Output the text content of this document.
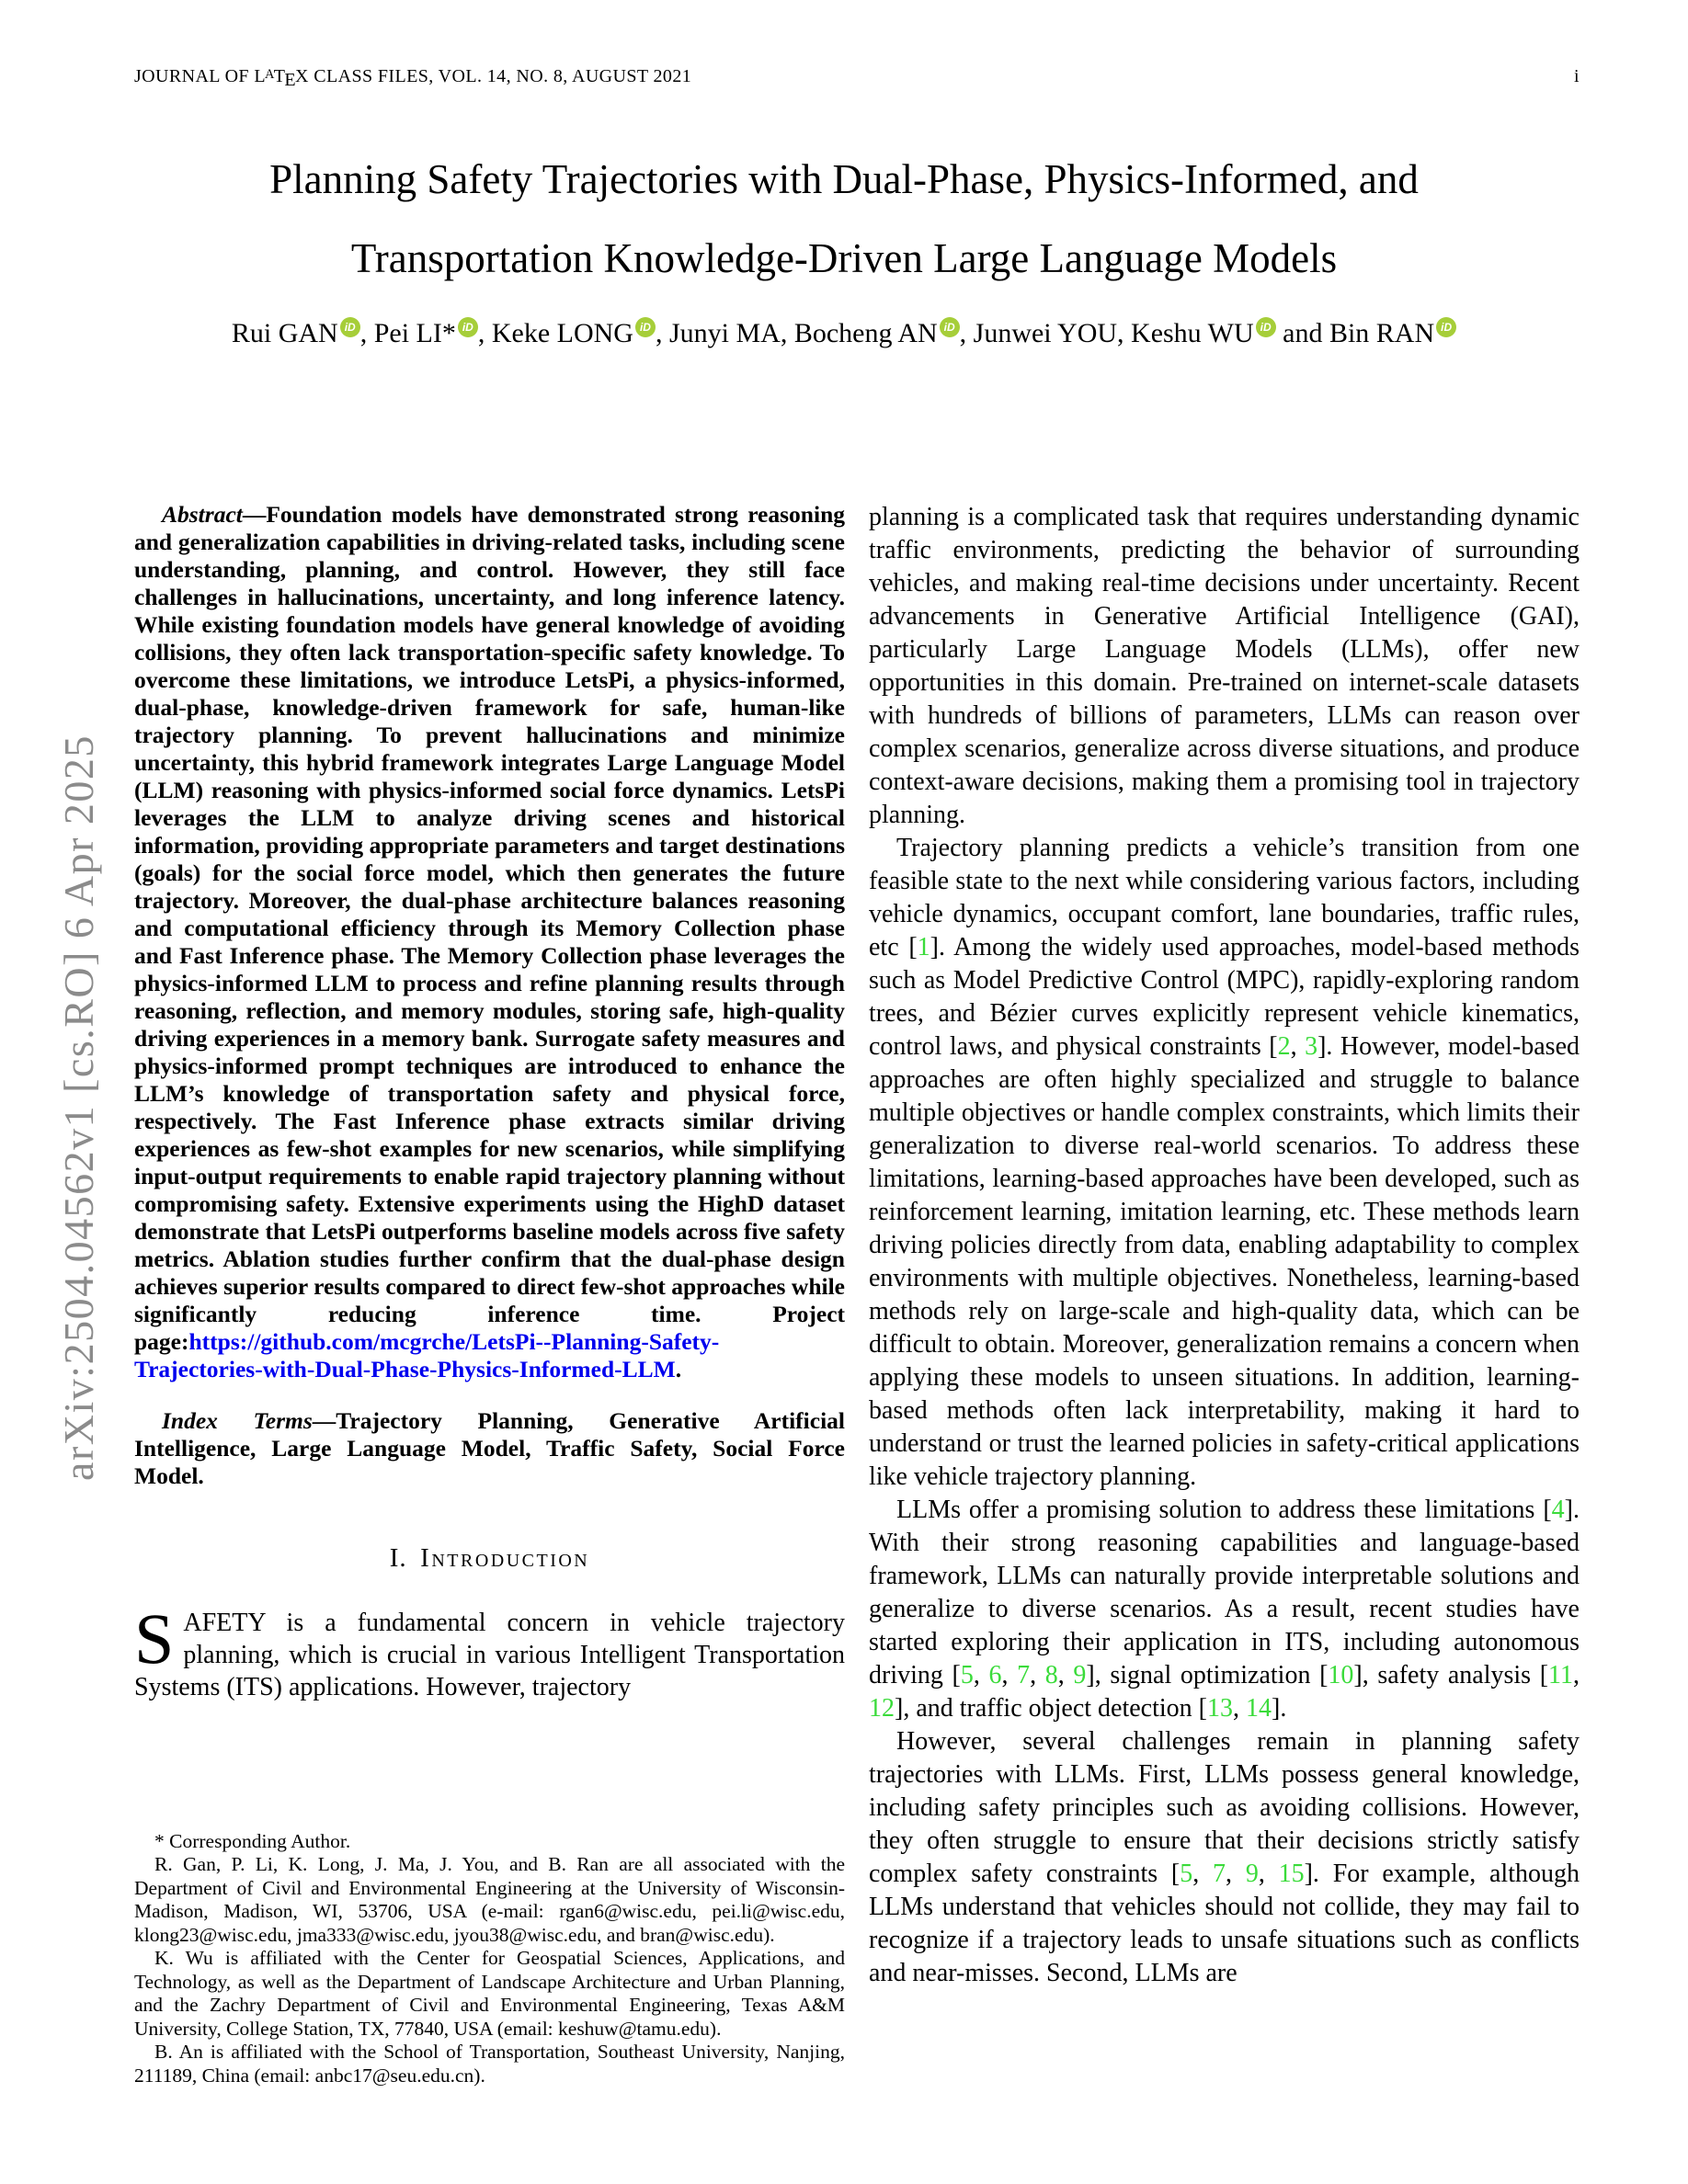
JOURNAL OF $L^ATEX$ CLASS FILES, VOL. 14, NO. 8, AUGUST 2021	i
arXiv:2504.04562v1 [cs.RO] 6 Apr 2025
Planning Safety Trajectories with Dual-Phase, Physics-Informed, and
Transportation Knowledge-Driven Large Language Models
Rui GAN iD , Pei LI* iD , Keke LONG iD , Junyi MA, Bocheng AN iD , Junwei YOU, Keshu WU iD and Bin RAN iD

Abstract—Foundation models have demonstrated strong reasoning and generalization capabilities in driving-related tasks, including scene understanding, planning, and control. However, they still face challenges in hallucinations, uncertainty, and long inference latency. While existing foundation models have general knowledge of avoiding collisions, they often lack transportation-specific safety knowledge. To overcome these limitations, we introduce LetsPi, a physics-informed, dual-phase, knowledge-driven framework for safe, human-like trajectory planning. To prevent hallucinations and minimize uncertainty, this hybrid framework integrates Large Language Model (LLM) reasoning with physics-informed social force dynamics. LetsPi leverages the LLM to analyze driving scenes and historical information, providing appropriate parameters and target destinations (goals) for the social force model, which then generates the future trajectory. Moreover, the dual-phase architecture balances reasoning and computational efficiency through its Memory Collection phase and Fast Inference phase. The Memory Collection phase leverages the physics-informed LLM to process and refine planning results through reasoning, reflection, and memory modules, storing safe, high-quality driving experiences in a memory bank. Surrogate safety measures and physics-informed prompt techniques are introduced to enhance the LLM’s knowledge of transportation safety and physical force, respectively. The Fast Inference phase extracts similar driving experiences as few-shot examples for new scenarios, while simplifying input-output requirements to enable rapid trajectory planning without compromising safety. Extensive experiments using the HighD dataset demonstrate that LetsPi outperforms baseline models across five safety metrics. Ablation studies further confirm that the dual-phase design achieves superior results compared to direct few-shot approaches while significantly reducing inference time. Project page:https://github.com/mcgrche/LetsPi--Planning-Safety-Trajectories-with-Dual-Phase-Physics-Informed-LLM.

Index Terms—Trajectory Planning, Generative Artificial Intelligence, Large Language Model, Traffic Safety, Social Force Model.

I. Introduction

SAFETY is a fundamental concern in vehicle trajectory planning, which is crucial in various Intelligent Transportation Systems (ITS) applications. However, trajectory

* Corresponding Author.

R. Gan, P. Li, K. Long, J. Ma, J. You, and B. Ran are all associated with the Department of Civil and Environmental Engineering at the University of Wisconsin-Madison, Madison, WI, 53706, USA (e-mail: rgan6@wisc.edu, pei.li@wisc.edu, klong23@wisc.edu, jma333@wisc.edu, jyou38@wisc.edu, and bran@wisc.edu).

K. Wu is affiliated with the Center for Geospatial Sciences, Applications, and Technology, as well as the Department of Landscape Architecture and Urban Planning, and the Zachry Department of Civil and Environmental Engineering, Texas A&M University, College Station, TX, 77840, USA (email: keshuw@tamu.edu).

B. An is affiliated with the School of Transportation, Southeast University, Nanjing, 211189, China (email: anbc17@seu.edu.cn).

planning is a complicated task that requires understanding dynamic traffic environments, predicting the behavior of surrounding vehicles, and making real-time decisions under uncertainty. Recent advancements in Generative Artificial Intelligence (GAI), particularly Large Language Models (LLMs), offer new opportunities in this domain. Pre-trained on internet-scale datasets with hundreds of billions of parameters, LLMs can reason over complex scenarios, generalize across diverse situations, and produce context-aware decisions, making them a promising tool in trajectory planning.

Trajectory planning predicts a vehicle’s transition from one feasible state to the next while considering various factors, including vehicle dynamics, occupant comfort, lane boundaries, traffic rules, etc [1]. Among the widely used approaches, model-based methods such as Model Predictive Control (MPC), rapidly-exploring random trees, and Bézier curves explicitly represent vehicle kinematics, control laws, and physical constraints [2, 3]. However, model-based approaches are often highly specialized and struggle to balance multiple objectives or handle complex constraints, which limits their generalization to diverse real-world scenarios. To address these limitations, learning-based approaches have been developed, such as reinforcement learning, imitation learning, etc. These methods learn driving policies directly from data, enabling adaptability to complex environments with multiple objectives. Nonetheless, learning-based methods rely on large-scale and high-quality data, which can be difficult to obtain. Moreover, generalization remains a concern when applying these models to unseen situations. In addition, learning-based methods often lack interpretability, making it hard to understand or trust the learned policies in safety-critical applications like vehicle trajectory planning.

LLMs offer a promising solution to address these limitations [4]. With their strong reasoning capabilities and language-based framework, LLMs can naturally provide interpretable solutions and generalize to diverse scenarios. As a result, recent studies have started exploring their application in ITS, including autonomous driving [5, 6, 7, 8, 9], signal optimization [10], safety analysis [11, 12], and traffic object detection [13, 14].

However, several challenges remain in planning safety trajectories with LLMs. First, LLMs possess general knowledge, including safety principles such as avoiding collisions. However, they often struggle to ensure that their decisions strictly satisfy complex safety constraints [5, 7, 9, 15]. For example, although LLMs understand that vehicles should not collide, they may fail to recognize if a trajectory leads to unsafe situations such as conflicts and near-misses. Second, LLMs are
